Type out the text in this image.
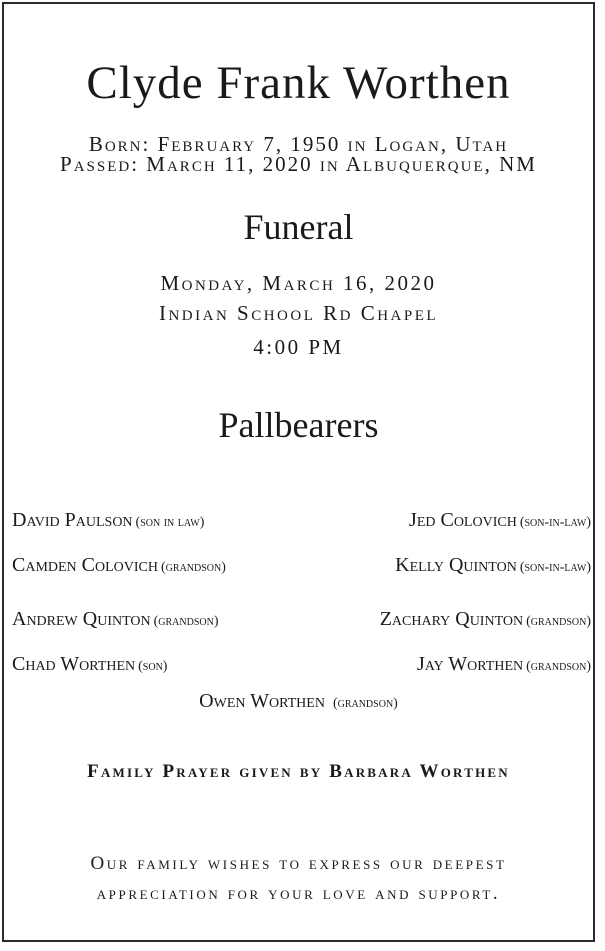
Clyde Frank Worthen
Born: February 7, 1950 in Logan, Utah
Passed: March 11, 2020 in Albuquerque, NM
Funeral
Monday, March 16, 2020
Indian School Rd Chapel
4:00 PM
Pallbearers
David Paulson (son in law)	Jed Colovich (son-in-law)
Camden Colovich (grandson)	Kelly Quinton (son-in-law)
Andrew Quinton (grandson)	Zachary Quinton (grandson)
Chad Worthen (son)	Jay Worthen (grandson)
Owen Worthen (grandson)
Family Prayer given by Barbara Worthen
Our family wishes to express our deepest
appreciation for your love and support.
